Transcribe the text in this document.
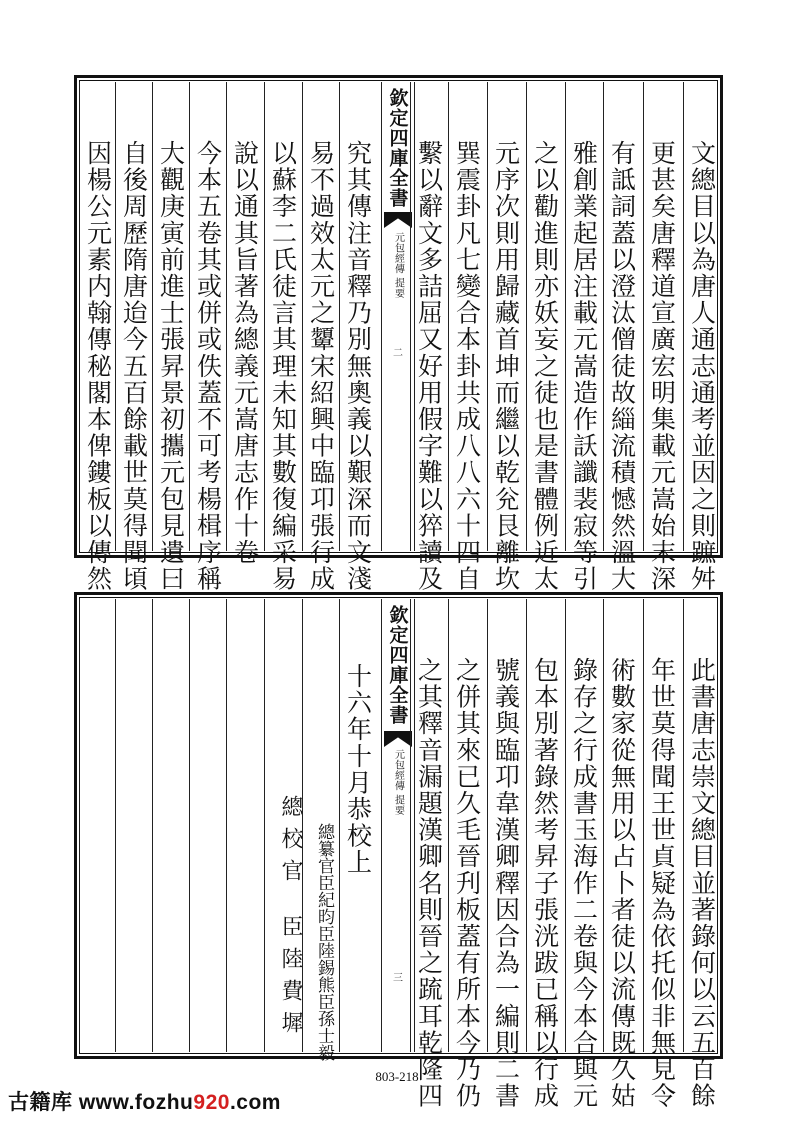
欽定四庫全書
元包經傳 提要
二	文總目以為唐人通志通考並因之則蹠舛
更甚矣唐釋道宣廣宏明集載元嵩始末深
有詆詞蓋以澄汰僧徒故緇流積憾然溫大
雅創業起居注載元嵩造作訞讖裴寂等引
之以勸進則亦妖妄之徒也是書體例近太
元序次則用歸藏首坤而繼以乾兊艮離坎
巽震卦凡七變合本卦共成八八六十四自
繫以辭文多詰屈又好用假字難以猝讀及
究其傳注音釋乃別無奧義以艱深而文淺
易不過效太元之顰宋紹興中臨卭張行成
以蘇李二氏徒言其理未知其數復編采易
說以通其旨著為總義元嵩唐志作十卷
今本五卷其或併或佚蓋不可考楊楫序稱
大觀庚寅前進士張昇景初攜元包見遺曰
自後周歷隋唐迨今五百餘載世莫得聞頃
因楊公元素内翰傳秘閣本俾鏤板以傳然
欽定四庫全書
元包經傳 提要
三
總纂官臣紀昀臣陸錫熊臣孫士毅
總校官
臣陸費墀	此書唐志崇文總目並著錄何以云五百餘
年世莫得聞王世貞疑為依托似非無見令
術數家從無用以占卜者徒以流傳既久姑
錄存之行成書玉海作二卷與今本合與元
包本別著錄然考昇子張洸跋已稱以行成
號義與臨卭韋漢卿釋因合為一編則二書
之併其來已久毛晉刋板蓋有所本今乃仍
之其釋音漏題漢卿名則晉之䟽耳乾隆四
十六年十月恭校上
803-218
古籍库 www.fozhu920.com
